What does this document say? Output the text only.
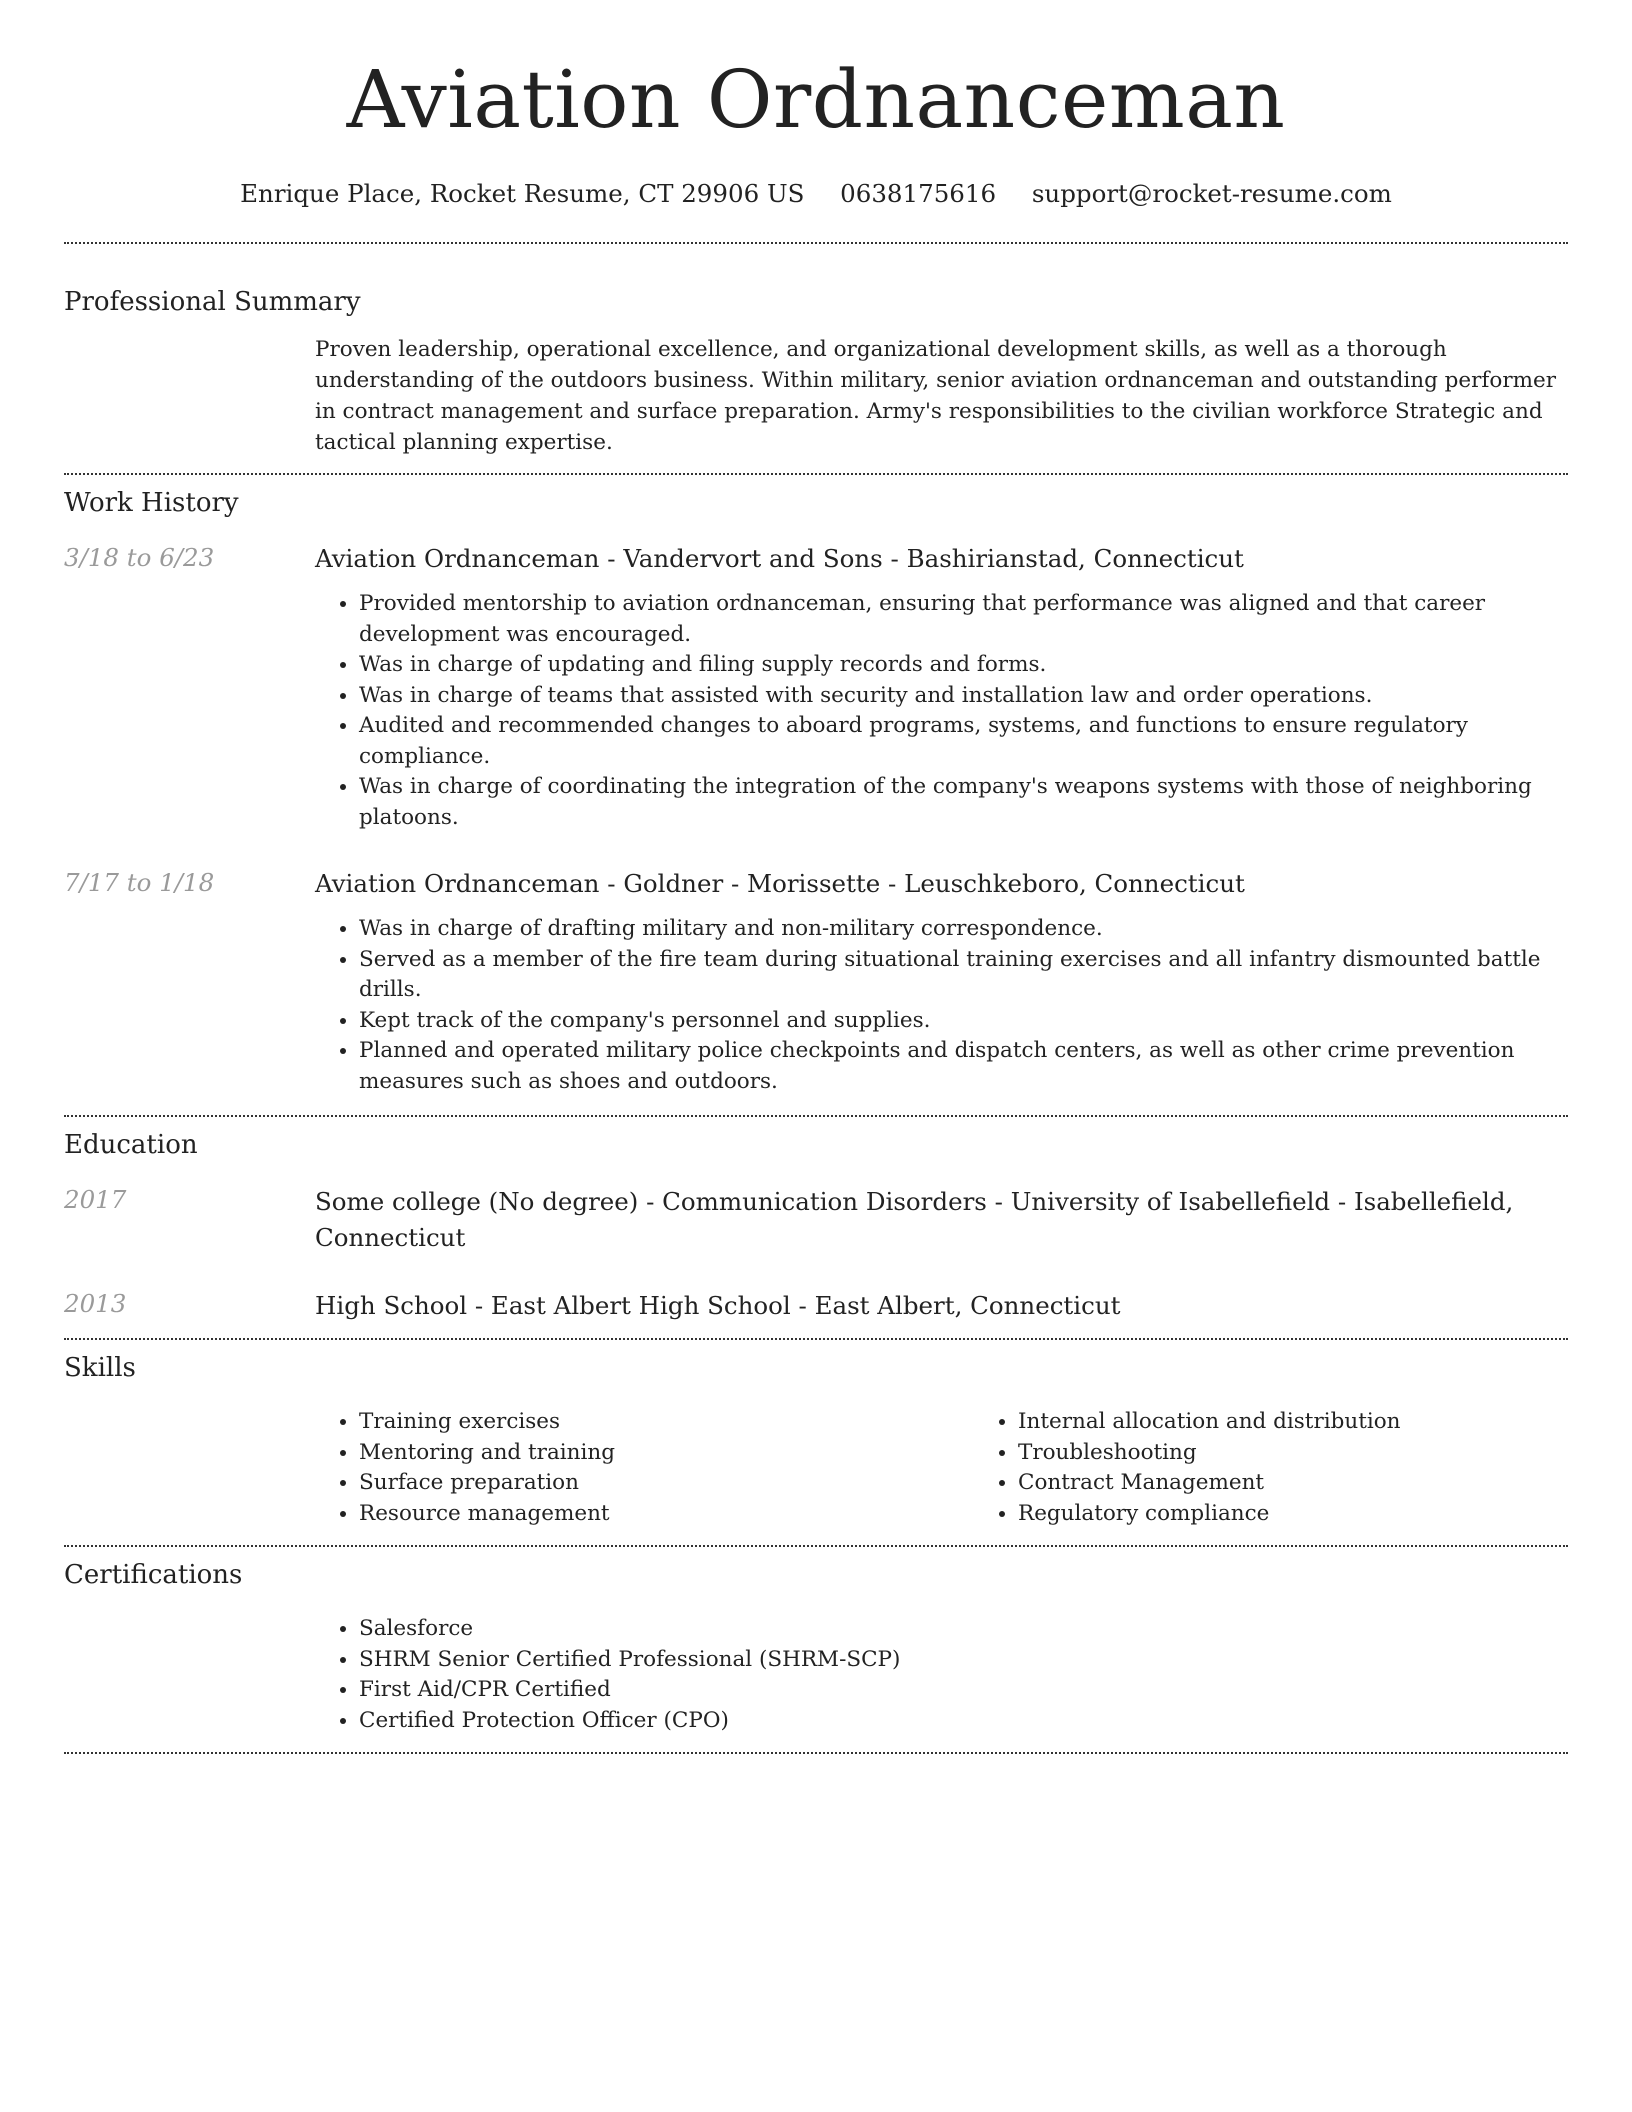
Aviation Ordnanceman
Enrique Place, Rocket Resume, CT 29906 US 0638175616 support@rocket-resume.com
Professional Summary

Proven leadership, operational excellence, and organizational development skills, as well as a thorough understanding of the outdoors business. Within military, senior aviation ordnanceman and outstanding performer in contract management and surface preparation. Army's responsibilities to the civilian workforce Strategic and tactical planning expertise.

Work History
3/18 to 6/23	Aviation Ordnanceman - Vandervort and Sons - Bashirianstad, Connecticut
• Provided mentorship to aviation ordnanceman, ensuring that performance was aligned and that career development was encouraged.
• Was in charge of updating and filing supply records and forms.
• Was in charge of teams that assisted with security and installation law and order operations.
• Audited and recommended changes to aboard programs, systems, and functions to ensure regulatory compliance.
• Was in charge of coordinating the integration of the company's weapons systems with those of neighboring platoons.
7/17 to 1/18	Aviation Ordnanceman - Goldner - Morissette - Leuschkeboro, Connecticut
• Was in charge of drafting military and non-military correspondence.
• Served as a member of the fire team during situational training exercises and all infantry dismounted battle drills.
• Kept track of the company's personnel and supplies.
• Planned and operated military police checkpoints and dispatch centers, as well as other crime prevention measures such as shoes and outdoors.
Education
2017	Some college (No degree) - Communication Disorders - University of Isabellefield - Isabellefield, Connecticut
2013	High School - East Albert High School - East Albert, Connecticut
Skills
• Training exercises
• Mentoring and training
• Surface preparation
• Resource management
• Internal allocation and distribution
• Troubleshooting
• Contract Management
• Regulatory compliance
Certifications
• Salesforce
• SHRM Senior Certified Professional (SHRM-SCP)
• First Aid/CPR Certified
• Certified Protection Officer (CPO)
